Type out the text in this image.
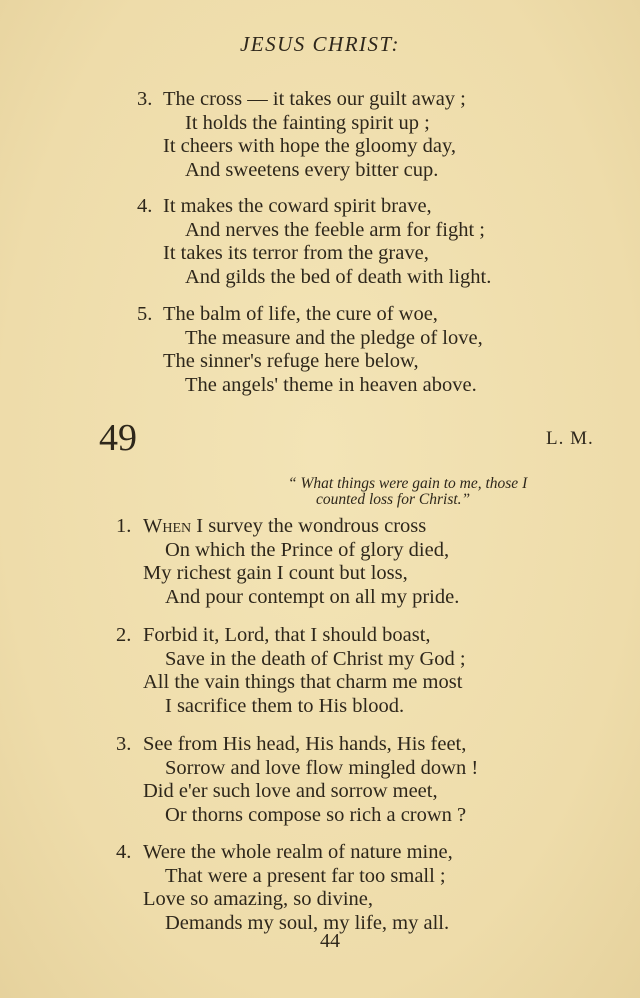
JESUS CHRIST:
3. The cross — it takes our guilt away ;
It holds the fainting spirit up ;
It cheers with hope the gloomy day,
And sweetens every bitter cup.
4. It makes the coward spirit brave,
And nerves the feeble arm for fight ;
It takes its terror from the grave,
And gilds the bed of death with light.
5. The balm of life, the cure of woe,
The measure and the pledge of love,
The sinner's refuge here below,
The angels' theme in heaven above.
49	L. M.
“ What things were gain to me, those I
counted loss for Christ.”
1. When I survey the wondrous cross
On which the Prince of glory died,
My richest gain I count but loss,
And pour contempt on all my pride.
2. Forbid it, Lord, that I should boast,
Save in the death of Christ my God ;
All the vain things that charm me most
I sacrifice them to His blood.
3. See from His head, His hands, His feet,
Sorrow and love flow mingled down !
Did e'er such love and sorrow meet,
Or thorns compose so rich a crown ?
4. Were the whole realm of nature mine,
That were a present far too small ;
Love so amazing, so divine,
Demands my soul, my life, my all.
44
